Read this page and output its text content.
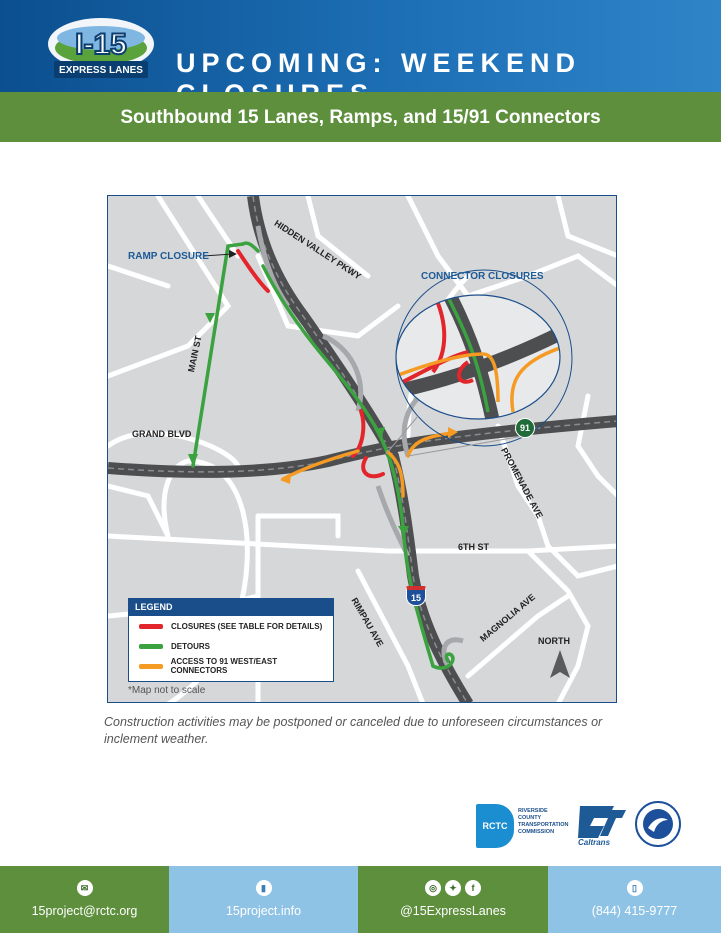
I-15
EXPRESS LANES UPCOMING: WEEKEND
Southbound 15 Lanes, Ramps, and 15/91 Connectors
RAMP CLOSURE
CONNECTOR CLOSURES
HIDDEN VALLEY PKWY
MAIN ST
GRAND BLVD
PROMENADE AVE
6TH ST
RIMPAU AVE	MAGNOLIA AVE
91
15
NORTH
LEGEND
CLOSURES (SEE TABLE FOR DETAILS)
DETOURS
ACCESS TO 91 WEST/EAST CONNECTORS
*Map not to scale
Construction activities may be postponed or canceled due to unforeseen circumstances or inclement weather.
RCTC
RIVERSIDE COUNTY TRANSPORTATION COMMISSION
Caltrans
✉
15project@rctc.org
▮
15project.info
◎	✦	f
@15ExpressLanes
▯
(844) 415-9777
